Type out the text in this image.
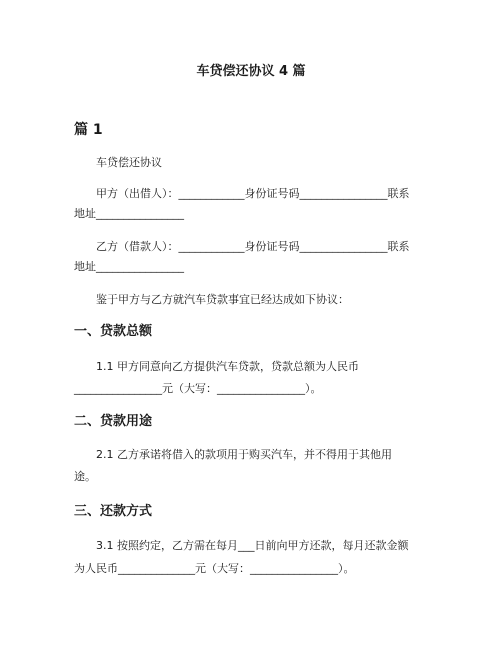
车贷偿还协议 4 篇
篇 1
车贷偿还协议
甲方（出借人）：____________身份证号码________________联系
地址________________
乙方（借款人）：____________身份证号码________________联系
地址________________
鉴于甲方与乙方就汽车贷款事宜已经达成如下协议：
一、贷款总额
1.1 甲方同意向乙方提供汽车贷款，贷款总额为人民币
________________元（大写：________________）。
二、贷款用途
2.1 乙方承诺将借入的款项用于购买汽车，并不得用于其他用
途。
三、还款方式
3.1 按照约定，乙方需在每月___日前向甲方还款，每月还款金额
为人民币______________元（大写：________________）。
